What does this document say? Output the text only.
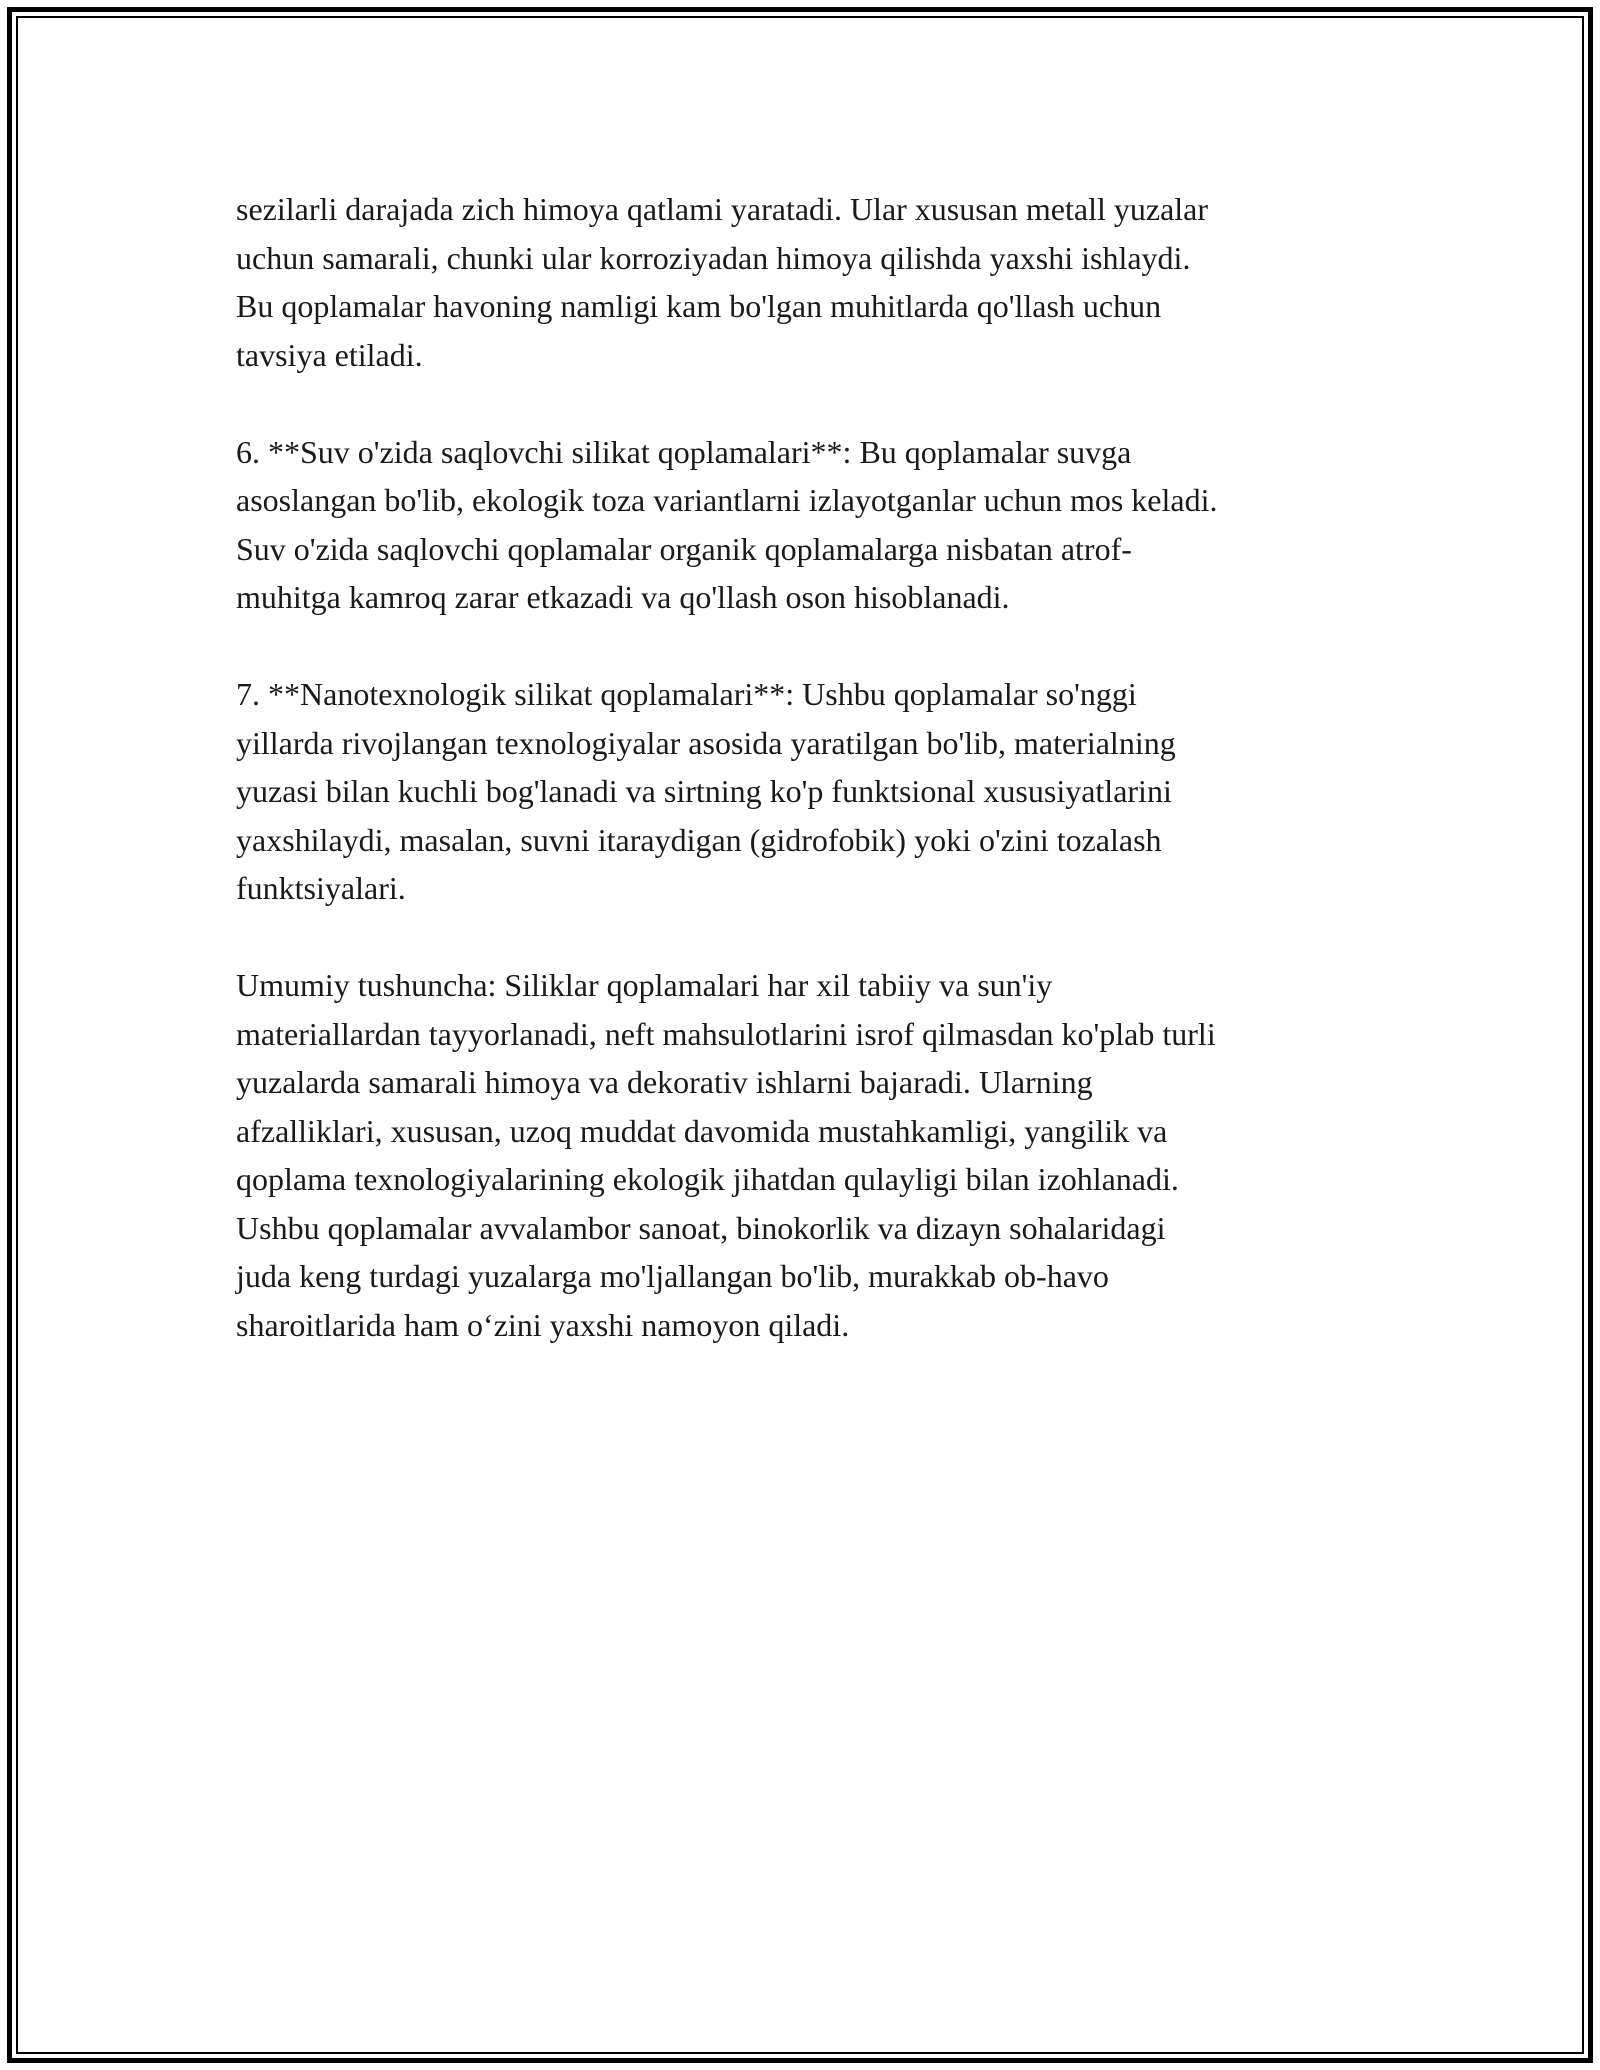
sezilarli darajada zich himoya qatlami yaratadi. Ular xususan metall yuzalar
uchun samarali, chunki ular korroziyadan himoya qilishda yaxshi ishlaydi.
Bu qoplamalar havoning namligi kam bo'lgan muhitlarda qo'llash uchun
tavsiya etiladi.
6. **Suv o'zida saqlovchi silikat qoplamalari**: Bu qoplamalar suvga
asoslangan bo'lib, ekologik toza variantlarni izlayotganlar uchun mos keladi.
Suv o'zida saqlovchi qoplamalar organik qoplamalarga nisbatan atrof-
muhitga kamroq zarar etkazadi va qo'llash oson hisoblanadi.
7. **Nanotexnologik silikat qoplamalari**: Ushbu qoplamalar so'nggi
yillarda rivojlangan texnologiyalar asosida yaratilgan bo'lib, materialning
yuzasi bilan kuchli bog'lanadi va sirtning ko'p funktsional xususiyatlarini
yaxshilaydi, masalan, suvni itaraydigan (gidrofobik) yoki o'zini tozalash
funktsiyalari.
Umumiy tushuncha: Siliklar qoplamalari har xil tabiiy va sun'iy
materiallardan tayyorlanadi, neft mahsulotlarini isrof qilmasdan ko'plab turli
yuzalarda samarali himoya va dekorativ ishlarni bajaradi. Ularning
afzalliklari, xususan, uzoq muddat davomida mustahkamligi, yangilik va
qoplama texnologiyalarining ekologik jihatdan qulayligi bilan izohlanadi.
Ushbu qoplamalar avvalambor sanoat, binokorlik va dizayn sohalaridagi
juda keng turdagi yuzalarga mo'ljallangan bo'lib, murakkab ob-havo
sharoitlarida ham o‘zini yaxshi namoyon qiladi.
